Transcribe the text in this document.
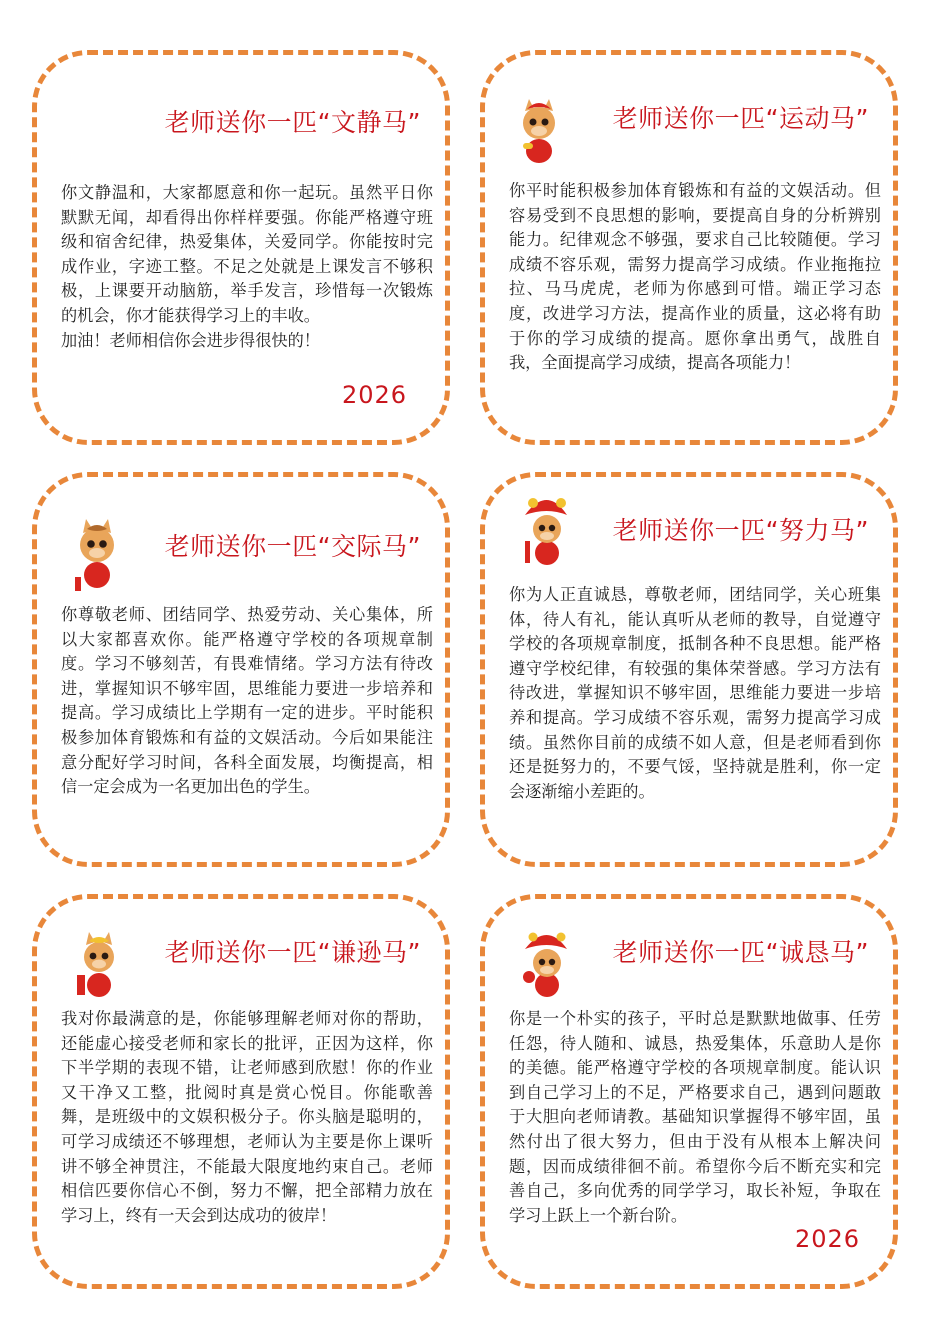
老师送你一匹“文静马”
你文静温和，大家都愿意和你一起玩。虽然平日你默默无闻，却看得出你样样要强。你能严格遵守班级和宿舍纪律，热爱集体，关爱同学。你能按时完成作业，字迹工整。不足之处就是上课发言不够积极，上课要开动脑筋，举手发言，珍惜每一次锻炼的机会，你才能获得学习上的丰收。
加油！老师相信你会进步得很快的！
2026
老师送你一匹“运动马”
你平时能积极参加体育锻炼和有益的文娱活动。但容易受到不良思想的影响，要提高自身的分析辨别能力。纪律观念不够强，要求自己比较随便。学习成绩不容乐观，需努力提高学习成绩。作业拖拖拉拉、马马虎虎，老师为你感到可惜。端正学习态度，改进学习方法，提高作业的质量，这必将有助于你的学习成绩的提高。愿你拿出勇气，战胜自我，全面提高学习成绩，提高各项能力！
老师送你一匹“交际马”
你尊敬老师、团结同学、热爱劳动、关心集体，所以大家都喜欢你。能严格遵守学校的各项规章制度。学习不够刻苦，有畏难情绪。学习方法有待改进，掌握知识不够牢固，思维能力要进一步培养和提高。学习成绩比上学期有一定的进步。平时能积极参加体育锻炼和有益的文娱活动。今后如果能注意分配好学习时间，各科全面发展，均衡提高，相信一定会成为一名更加出色的学生。
老师送你一匹“努力马”
你为人正直诚恳，尊敬老师，团结同学，关心班集体，待人有礼，能认真听从老师的教导，自觉遵守学校的各项规章制度，抵制各种不良思想。能严格遵守学校纪律，有较强的集体荣誉感。学习方法有待改进，掌握知识不够牢固，思维能力要进一步培养和提高。学习成绩不容乐观，需努力提高学习成绩。虽然你目前的成绩不如人意，但是老师看到你还是挺努力的，不要气馁，坚持就是胜利，你一定会逐渐缩小差距的。
老师送你一匹“谦逊马”
我对你最满意的是，你能够理解老师对你的帮助，还能虚心接受老师和家长的批评，正因为这样，你下半学期的表现不错，让老师感到欣慰！你的作业又干净又工整，批阅时真是赏心悦目。你能歌善舞，是班级中的文娱积极分子。你头脑是聪明的，可学习成绩还不够理想，老师认为主要是你上课听讲不够全神贯注，不能最大限度地约束自己。老师相信匹要你信心不倒，努力不懈，把全部精力放在学习上，终有一天会到达成功的彼岸！
老师送你一匹“诚恳马”
你是一个朴实的孩子，平时总是默默地做事、任劳任怨，待人随和、诚恳，热爱集体，乐意助人是你的美德。能严格遵守学校的各项规章制度。能认识到自己学习上的不足，严格要求自己，遇到问题敢于大胆向老师请教。基础知识掌握得不够牢固，虽然付出了很大努力，但由于没有从根本上解决问题，因而成绩徘徊不前。希望你今后不断充实和完善自己，多向优秀的同学学习，取长补短，争取在学习上跃上一个新台阶。
2026
